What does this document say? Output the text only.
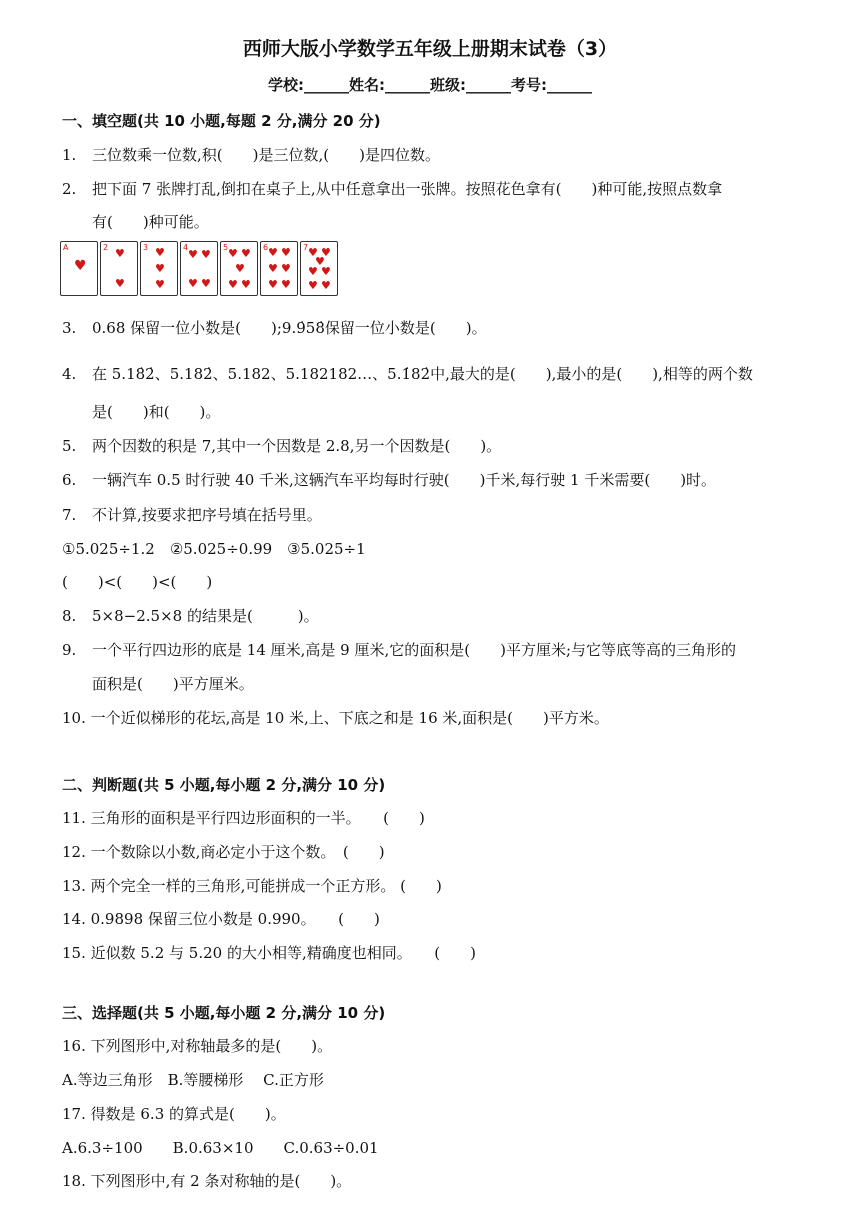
西师大版小学数学五年级上册期末试卷（3）
学校:______姓名:______班级:______考号:______
一、填空题(共 10 小题,每题 2 分,满分 20 分)
1. 三位数乘一位数,积(　　)是三位数,(　　)是四位数。
2. 把下面 7 张牌打乱,倒扣在桌子上,从中任意拿出一张牌。按照花色拿有(　　)种可能,按照点数拿
有(　　)种可能。
A
♥
2 ♥
♥
3 ♥
♥
♥
4
♥ ♥
♥ ♥
5 ♥ ♥
♥
♥ ♥
6 ♥ ♥
♥ ♥
♥ ♥
7 ♥ ♥
♥
♥ ♥
♥ ♥
3. 0.68 保留一位小数是(　　);9.9̇58̇保留一位小数是(　　)。
4. 在 5.18̇2̇、5.182̇、5.182、5.182182…、5.1̇82̇中,最大的是(　　),最小的是(　　),相等的两个数
是(　　)和(　　)。
5. 两个因数的积是 7,其中一个因数是 2.8,另一个因数是(　　)。
6. 一辆汽车 0.5 时行驶 40 千米,这辆汽车平均每时行驶(　　)千米,每行驶 1 千米需要(　　)时。
7. 不计算,按要求把序号填在括号里。
①5.025÷1.2　②5.025÷0.99　③5.025÷1
(　　)<(　　)<(　　)
8. 5×8−2.5×8 的结果是(　　　)。
9. 一个平行四边形的底是 14 厘米,高是 9 厘米,它的面积是(　　)平方厘米;与它等底等高的三角形的
面积是(　　)平方厘米。
10. 一个近似梯形的花坛,高是 10 米,上、下底之和是 16 米,面积是(　　)平方米。
二、判断题(共 5 小题,每小题 2 分,满分 10 分)
11. 三角形的面积是平行四边形面积的一半。　　(　　)
12. 一个数除以小数,商必定小于这个数。　(　　)
13. 两个完全一样的三角形,可能拼成一个正方形。 (　　)
14. 0.9898 保留三位小数是 0.990。　　(　　)
15. 近似数 5.2 与 5.20 的大小相等,精确度也相同。　　(　　)
三、选择题(共 5 小题,每小题 2 分,满分 10 分)
16. 下列图形中,对称轴最多的是(　　)。
A.等边三角形　B.等腰梯形　 C.正方形
17. 得数是 6.3 的算式是(　　)。
A.6.3÷100　　B.0.63×10　　C.0.63÷0.01
18. 下列图形中,有 2 条对称轴的是(　　)。
